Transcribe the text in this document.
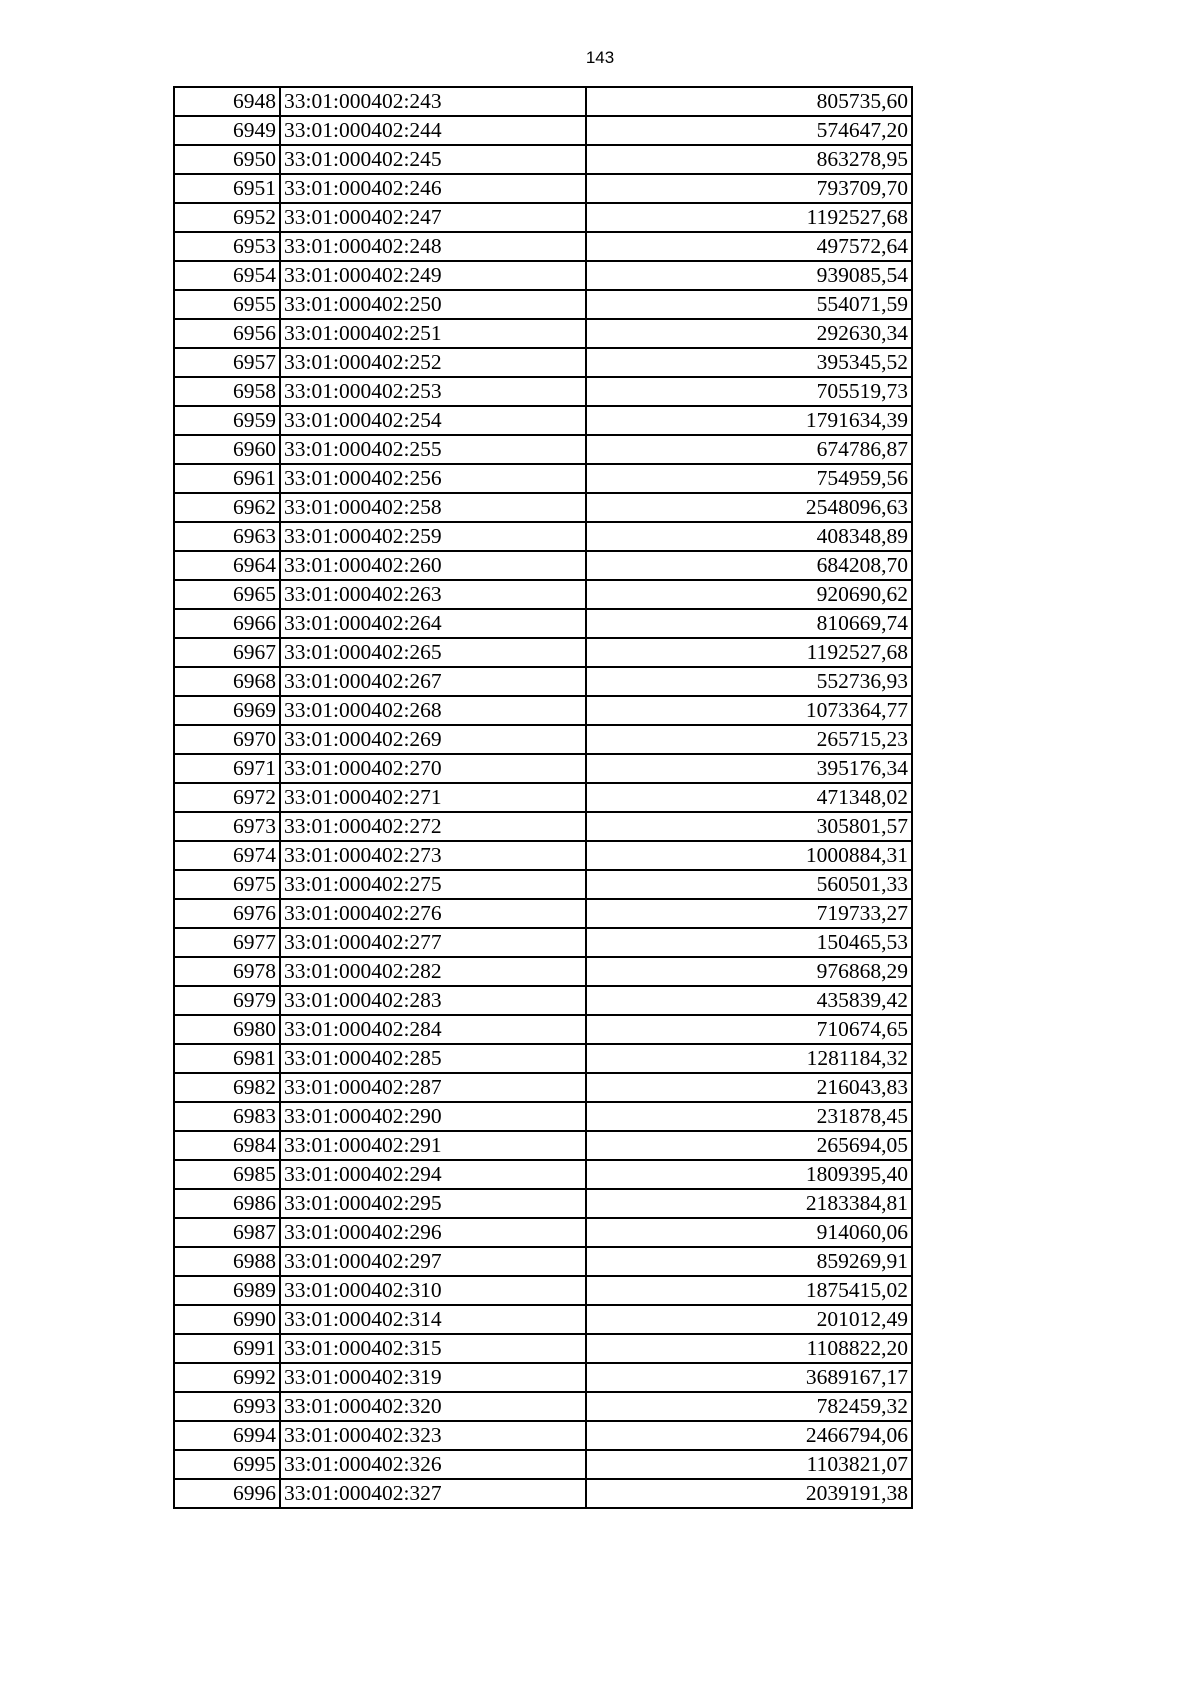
143
6948	33:01:000402:243	805735,60
6949	33:01:000402:244	574647,20
6950	33:01:000402:245	863278,95
6951	33:01:000402:246	793709,70
6952	33:01:000402:247	1192527,68
6953	33:01:000402:248	497572,64
6954	33:01:000402:249	939085,54
6955	33:01:000402:250	554071,59
6956	33:01:000402:251	292630,34
6957	33:01:000402:252	395345,52
6958	33:01:000402:253	705519,73
6959	33:01:000402:254	1791634,39
6960	33:01:000402:255	674786,87
6961	33:01:000402:256	754959,56
6962	33:01:000402:258	2548096,63
6963	33:01:000402:259	408348,89
6964	33:01:000402:260	684208,70
6965	33:01:000402:263	920690,62
6966	33:01:000402:264	810669,74
6967	33:01:000402:265	1192527,68
6968	33:01:000402:267	552736,93
6969	33:01:000402:268	1073364,77
6970	33:01:000402:269	265715,23
6971	33:01:000402:270	395176,34
6972	33:01:000402:271	471348,02
6973	33:01:000402:272	305801,57
6974	33:01:000402:273	1000884,31
6975	33:01:000402:275	560501,33
6976	33:01:000402:276	719733,27
6977	33:01:000402:277	150465,53
6978	33:01:000402:282	976868,29
6979	33:01:000402:283	435839,42
6980	33:01:000402:284	710674,65
6981	33:01:000402:285	1281184,32
6982	33:01:000402:287	216043,83
6983	33:01:000402:290	231878,45
6984	33:01:000402:291	265694,05
6985	33:01:000402:294	1809395,40
6986	33:01:000402:295	2183384,81
6987	33:01:000402:296	914060,06
6988	33:01:000402:297	859269,91
6989	33:01:000402:310	1875415,02
6990	33:01:000402:314	201012,49
6991	33:01:000402:315	1108822,20
6992	33:01:000402:319	3689167,17
6993	33:01:000402:320	782459,32
6994	33:01:000402:323	2466794,06
6995	33:01:000402:326	1103821,07
6996	33:01:000402:327	2039191,38
